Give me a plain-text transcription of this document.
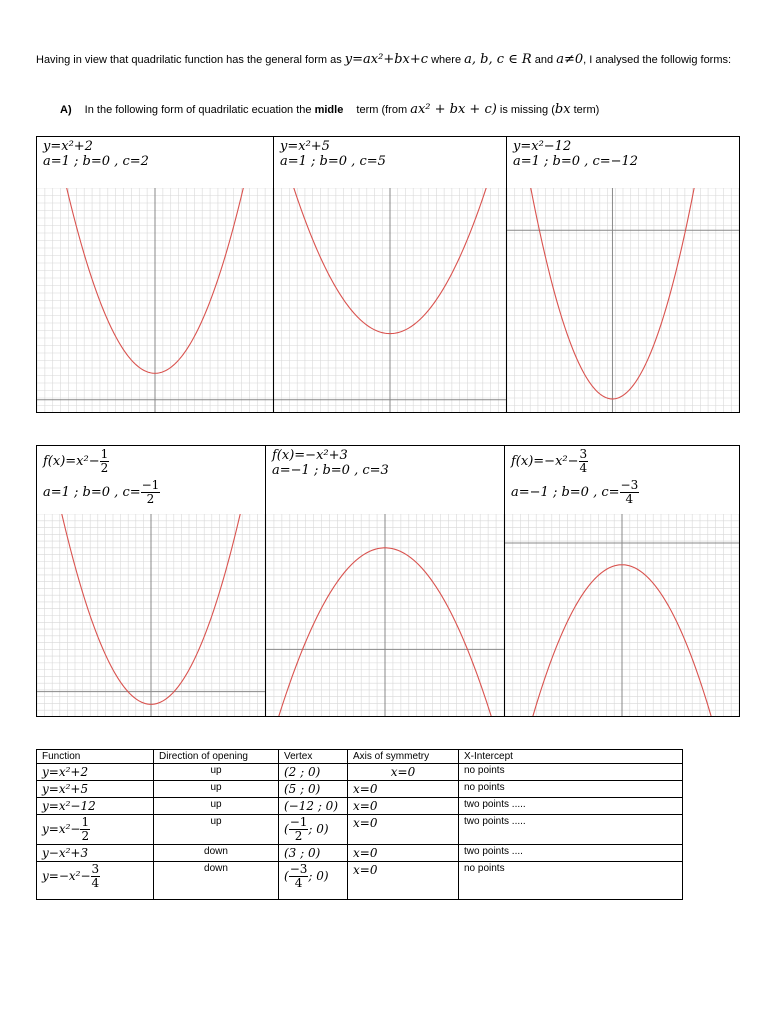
Having in view that quadrilatic function has the general form as y=ax²+bx+c where a, b, c ∈ R and a≠0, I analysed the followig forms:
A) In the following form of quadrilatic ecuation the midle term (from ax² + bx + c) is missing (bx term)
y=x²+2
a=1 ; b=0 , c=2
y=x²+5
a=1 ; b=0 , c=5
y=x²−12
a=1 ; b=0 , c=−12
$f(x)=x^2- \frac{1}{2}$
a=1 ; b=0 , $c= \frac{-1}{2}$
f(x)=−x²+3
a=−1 ; b=0 , c=3
$f(x)=-x^2- \frac{3}{4}$
a=−1 ; b=0 , $c= \frac{-3}{4}$
Function	Direction of opening	Vertex	Axis of symmetry	X-Intercept
y=x²+2	up	(2 ; 0)	x=0	no points
y=x²+5	up	(5 ; 0)	x=0	no points
y=x²−12	up	(−12 ; 0)	x=0	two points .....
$y=x^2- \frac{1}{2}$	up	( $\frac{-1}{2}$ ; 0)	x=0	two points .....
y−x²+3	down	(3 ; 0)	x=0	two points ....
$y=-x^2- \frac{3}{4}$	down	( $\frac{-3}{4}$ ; 0)	x=0	no points
